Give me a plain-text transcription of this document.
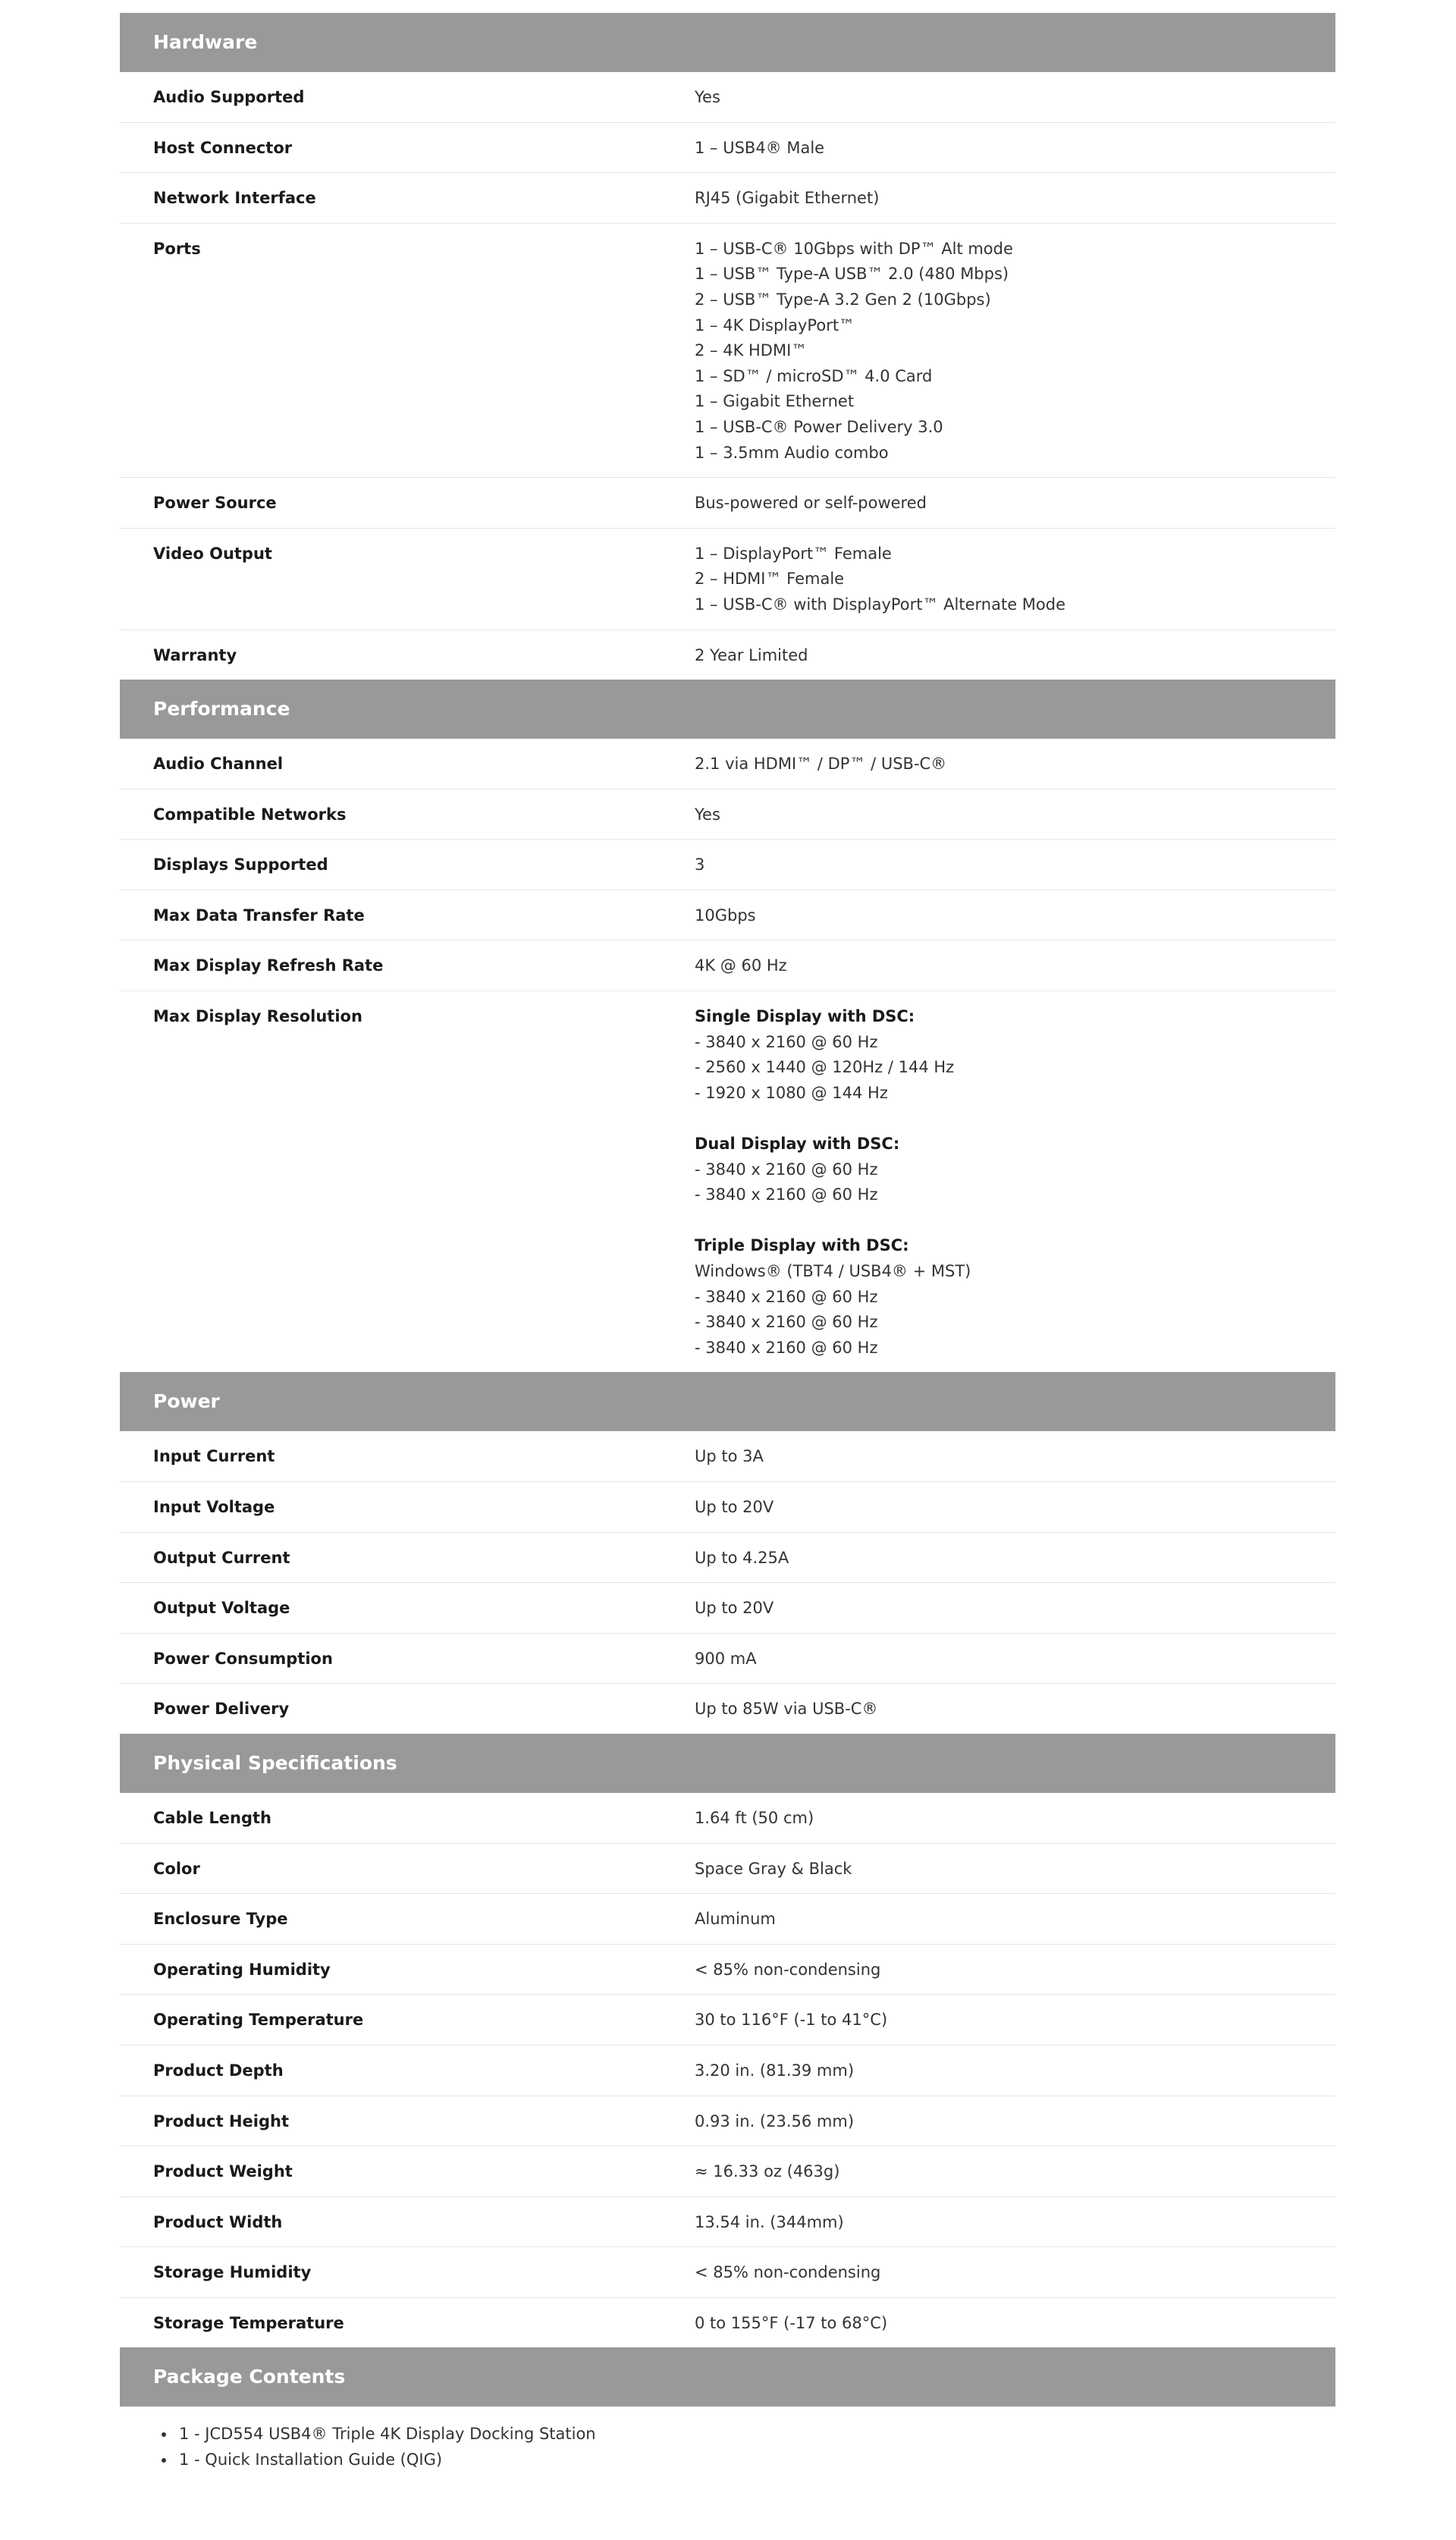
Hardware
Audio Supported	Yes
Host Connector	1 – USB4® Male
Network Interface	RJ45 (Gigabit Ethernet)
Ports	1 – USB-C® 10Gbps with DP™ Alt mode
1 – USB™ Type-A USB™ 2.0 (480 Mbps)
2 – USB™ Type-A 3.2 Gen 2 (10Gbps)
1 – 4K DisplayPort™
2 – 4K HDMI™
1 – SD™ / microSD™ 4.0 Card
1 – Gigabit Ethernet
1 – USB-C® Power Delivery 3.0
1 – 3.5mm Audio combo
Power Source	Bus-powered or self-powered
Video Output	1 – DisplayPort™ Female
2 – HDMI™ Female
1 – USB-C® with DisplayPort™ Alternate Mode
Warranty	2 Year Limited
Performance
Audio Channel	2.1 via HDMI™ / DP™ / USB-C®
Compatible Networks	Yes
Displays Supported	3
Max Data Transfer Rate	10Gbps
Max Display Refresh Rate	4K @ 60 Hz
Max Display Resolution	Single Display with DSC:
- 3840 x 2160 @ 60 Hz
- 2560 x 1440 @ 120Hz / 144 Hz
- 1920 x 1080 @ 144 Hz
Dual Display with DSC:
- 3840 x 2160 @ 60 Hz
- 3840 x 2160 @ 60 Hz
Triple Display with DSC:
Windows® (TBT4 / USB4® + MST)
- 3840 x 2160 @ 60 Hz
- 3840 x 2160 @ 60 Hz
- 3840 x 2160 @ 60 Hz
Power
Input Current	Up to 3A
Input Voltage	Up to 20V
Output Current	Up to 4.25A
Output Voltage	Up to 20V
Power Consumption	900 mA
Power Delivery	Up to 85W via USB-C®
Physical Specifications
Cable Length	1.64 ft (50 cm)
Color	Space Gray & Black
Enclosure Type	Aluminum
Operating Humidity	< 85% non-condensing
Operating Temperature	30 to 116°F (-1 to 41°C)
Product Depth	3.20 in. (81.39 mm)
Product Height	0.93 in. (23.56 mm)
Product Weight	≈ 16.33 oz (463g)
Product Width	13.54 in. (344mm)
Storage Humidity	< 85% non-condensing
Storage Temperature	0 to 155°F (-17 to 68°C)
Package Contents
• 1 - JCD554 USB4® Triple 4K Display Docking Station
• 1 - Quick Installation Guide (QIG)
